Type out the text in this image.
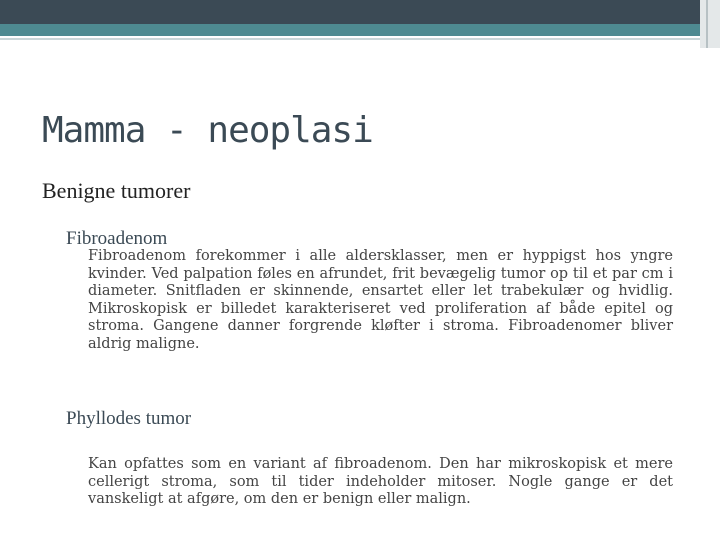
Mamma - neoplasi

Benigne tumorer

Fibroadenom

Fibroadenom forekommer i alle aldersklasser, men er hyppigst hos yngre kvinder. Ved palpation føles en afrundet, frit bevægelig tumor op til et par cm i diameter. Snitfladen er skinnende, ensartet eller let trabekulær og hvidlig. Mikroskopisk er billedet karakteriseret ved proliferation af både epitel og stroma. Gangene danner forgrende kløfter i stroma. Fibroadenomer bliver aldrig maligne.

Phyllodes tumor

Kan opfattes som en variant af fibroadenom. Den har mikroskopisk et mere cellerigt stroma, som til tider indeholder mitoser. Nogle gange er det vanskeligt at afgøre, om den er benign eller malign.
